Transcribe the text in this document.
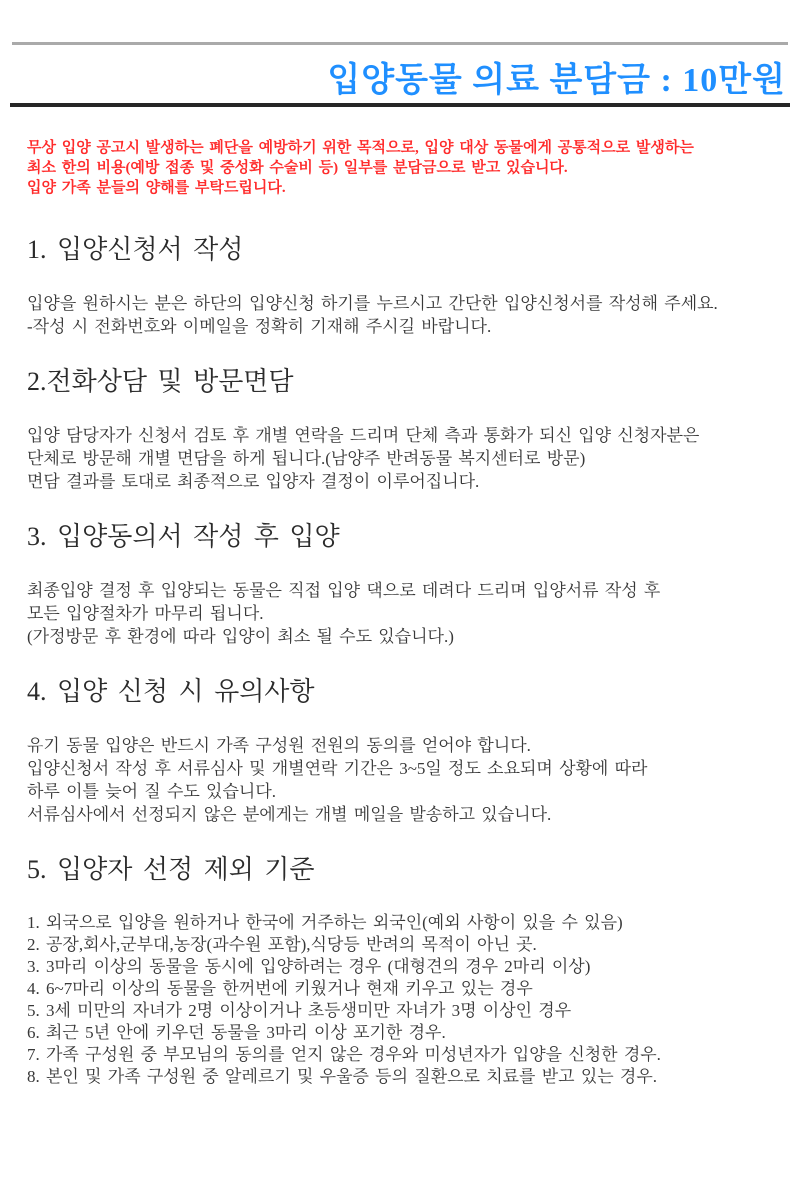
입양동물 의료 분담금 : 10만원
무상 입양 공고시 발생하는 폐단을 예방하기 위한 목적으로, 입양 대상 동물에게 공통적으로 발생하는
최소 한의 비용(예방 접종 및 중성화 수술비 등) 일부를 분담금으로 받고 있습니다.
입양 가족 분들의 양해를 부탁드립니다.
1. 입양신청서 작성
입양을 원하시는 분은 하단의 입양신청 하기를 누르시고 간단한 입양신청서를 작성해 주세요.
-작성 시 전화번호와 이메일을 정확히 기재해 주시길 바랍니다.
2.전화상담 및 방문면담
입양 담당자가 신청서 검토 후 개별 연락을 드리며 단체 측과 통화가 되신 입양 신청자분은
단체로 방문해 개별 면담을 하게 됩니다.(남양주 반려동물 복지센터로 방문)
면담 결과를 토대로 최종적으로 입양자 결정이 이루어집니다.
3. 입양동의서 작성 후 입양
최종입양 결정 후 입양되는 동물은 직접 입양 댁으로 데려다 드리며 입양서류 작성 후
모든 입양절차가 마무리 됩니다.
(가정방문 후 환경에 따라 입양이 최소 될 수도 있습니다.)
4. 입양 신청 시 유의사항
유기 동물 입양은 반드시 가족 구성원 전원의 동의를 얻어야 합니다.
입양신청서 작성 후 서류심사 및 개별연락 기간은 3~5일 정도 소요되며 상황에 따라
하루 이틀 늦어 질 수도 있습니다.
서류심사에서 선정되지 않은 분에게는 개별 메일을 발송하고 있습니다.
5. 입양자 선정 제외 기준
1. 외국으로 입양을 원하거나 한국에 거주하는 외국인(예외 사항이 있을 수 있음)
2. 공장,회사,군부대,농장(과수원 포함),식당등 반려의 목적이 아닌 곳.
3. 3마리 이상의 동물을 동시에 입양하려는 경우 (대형견의 경우 2마리 이상)
4. 6~7마리 이상의 동물을 한꺼번에 키웠거나 현재 키우고 있는 경우
5. 3세 미만의 자녀가 2명 이상이거나 초등생미만 자녀가 3명 이상인 경우
6. 최근 5년 안에 키우던 동물을 3마리 이상 포기한 경우.
7. 가족 구성원 중 부모님의 동의를 얻지 않은 경우와 미성년자가 입양을 신청한 경우.
8. 본인 및 가족 구성원 중 알레르기 및 우울증 등의 질환으로 치료를 받고 있는 경우.
